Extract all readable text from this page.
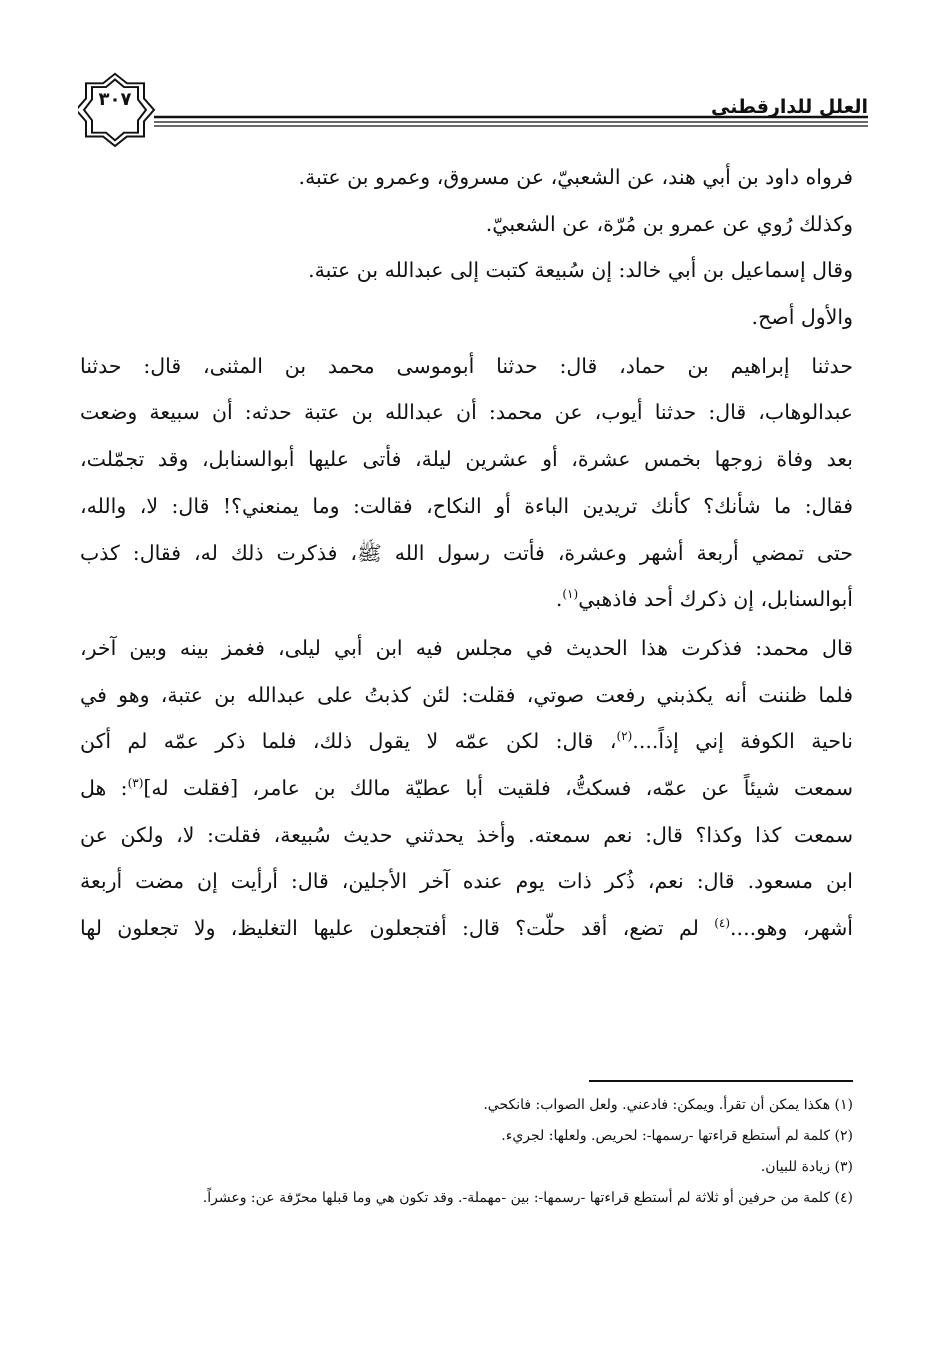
٣٠٧	العلل للدارقطني
فرواه داود بن أبي هند، عن الشعبيّ، عن مسروق، وعمرو بن عتبة.
وكذلك رُوي عن عمرو بن مُرّة، عن الشعبيّ.
وقال إسماعيل بن أبي خالد: إن سُبيعة كتبت إلى عبدالله بن عتبة.
والأول أصح.
حدثنا إبراهيم بن حماد، قال: حدثنا أبوموسى محمد بن المثنى، قال: حدثنا
عبدالوهاب، قال: حدثنا أيوب، عن محمد: أن عبدالله بن عتبة حدثه: أن سبيعة وضعت
بعد وفاة زوجها بخمس عشرة، أو عشرين ليلة، فأتى عليها أبوالسنابل، وقد تجمّلت،
فقال: ما شأنك؟ كأنك تريدين الباءة أو النكاح، فقالت: وما يمنعني؟! قال: لا، والله،
حتى تمضي أربعة أشهر وعشرة، فأتت رسول الله ﷺ، فذكرت ذلك له، فقال: كذب
أبوالسنابل، إن ذكرك أحد فاذهبي$^{(١)}$.
قال محمد: فذكرت هذا الحديث في مجلس فيه ابن أبي ليلى، فغمز بينه وبين آخر،
فلما ظننت أنه يكذبني رفعت صوتي، فقلت: لئن كذبتُ على عبدالله بن عتبة، وهو في
ناحية الكوفة إني إذاً....$^{(٢)}$، قال: لكن عمّه لا يقول ذلك، فلما ذكر عمّه لم أكن
سمعت شيئاً عن عمّه، فسكتُّ، فلقيت أبا عطيّة مالك بن عامر، [فقلت له]$^{(٣)}$: هل
سمعت كذا وكذا؟ قال: نعم سمعته. وأخذ يحدثني حديث سُبيعة، فقلت: لا، ولكن عن
ابن مسعود. قال: نعم، ذُكر ذات يوم عنده آخر الأجلين، قال: أرأيت إن مضت أربعة
أشهر، وهو....$^{(٤)}$ لم تضع، أقد حلّت؟ قال: أفتجعلون عليها التغليظ، ولا تجعلون لها
(١) هكذا يمكن أن تقرأ. ويمكن: فادعني. ولعل الصواب: فانكحي.
(٢) كلمة لم أستطع قراءتها -رسمها-: لحريص. ولعلها: لجريء.
(٣) زيادة للبيان.
(٤) كلمة من حرفين أو ثلاثة لم أستطع قراءتها -رسمها-: بين -مهملة-. وقد تكون هي وما قبلها محرّفة عن: وعشراً.
